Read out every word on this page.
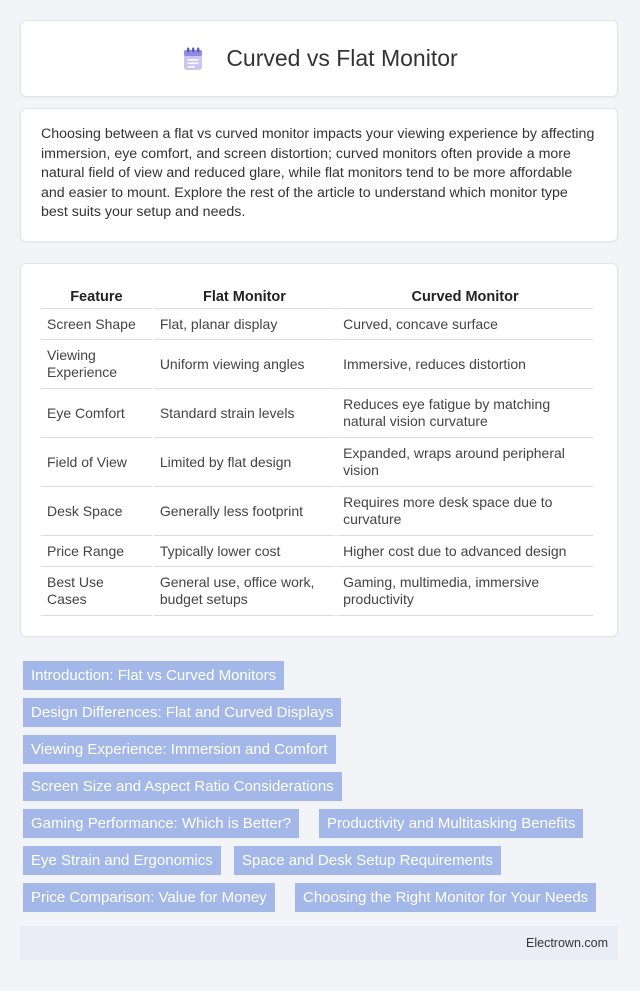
Curved vs Flat Monitor

Choosing between a flat vs curved monitor impacts your viewing experience by affecting immersion, eye comfort, and screen distortion; curved monitors often provide a more natural field of view and reduced glare, while flat monitors tend to be more affordable and easier to mount. Explore the rest of the article to understand which monitor type best suits your setup and needs.

Feature	Flat Monitor	Curved Monitor
Screen Shape	Flat, planar display	Curved, concave surface
Viewing Experience	Uniform viewing angles	Immersive, reduces distortion
Eye Comfort	Standard strain levels	Reduces eye fatigue by matching natural vision curvature
Field of View	Limited by flat design	Expanded, wraps around peripheral vision
Desk Space	Generally less footprint	Requires more desk space due to curvature
Price Range	Typically lower cost	Higher cost due to advanced design
Best Use Cases	General use, office work, budget setups	Gaming, multimedia, immersive productivity
Introduction: Flat vs Curved Monitors
Design Differences: Flat and Curved Displays
Viewing Experience: Immersion and Comfort
Screen Size and Aspect Ratio Considerations
Gaming Performance: Which is Better?	Productivity and Multitasking Benefits
Eye Strain and Ergonomics	Space and Desk Setup Requirements
Price Comparison: Value for Money	Choosing the Right Monitor for Your Needs
Electrown.com
